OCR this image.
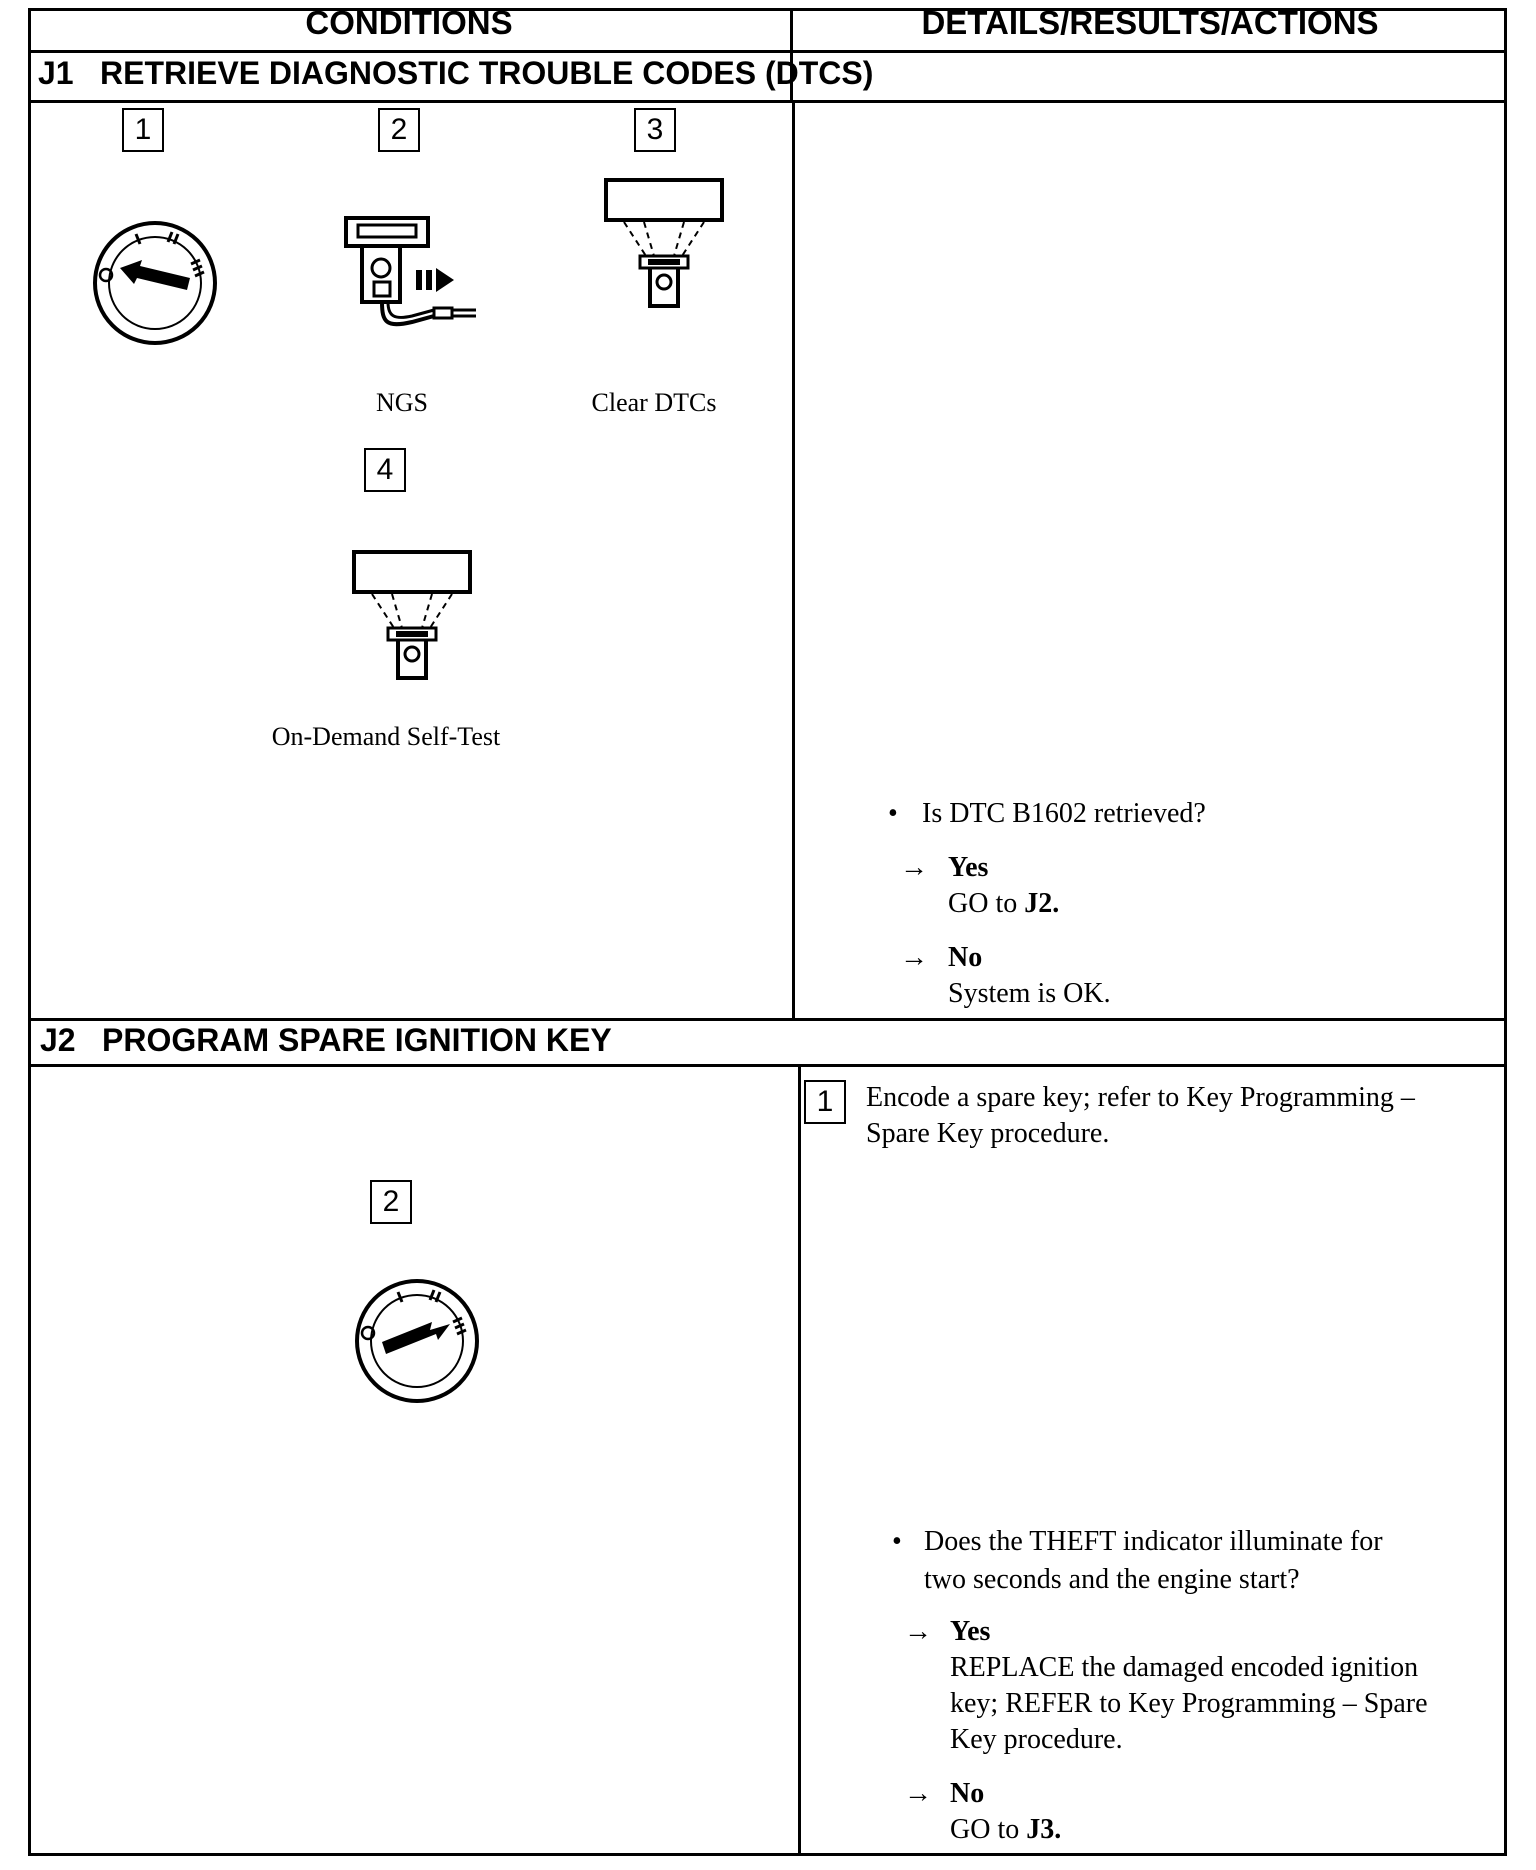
CONDITIONS	DETAILS/RESULTS/ACTIONS
J1 RETRIEVE DIAGNOSTIC TROUBLE CODES (DTCS)
1	2	3
4
NGS	Clear DTCs
On-Demand Self-Test
• Is DTC B1602 retrieved?
→ Yes
GO to J2.
→ No
System is OK.
J2 PROGRAM SPARE IGNITION KEY
2
1	Encode a spare key; refer to Key Programming –
Spare Key procedure.
• Does the THEFT indicator illuminate for
two seconds and the engine start?
→ Yes
REPLACE the damaged encoded ignition
key; REFER to Key Programming – Spare
Key procedure.
→ No
GO to J3.
